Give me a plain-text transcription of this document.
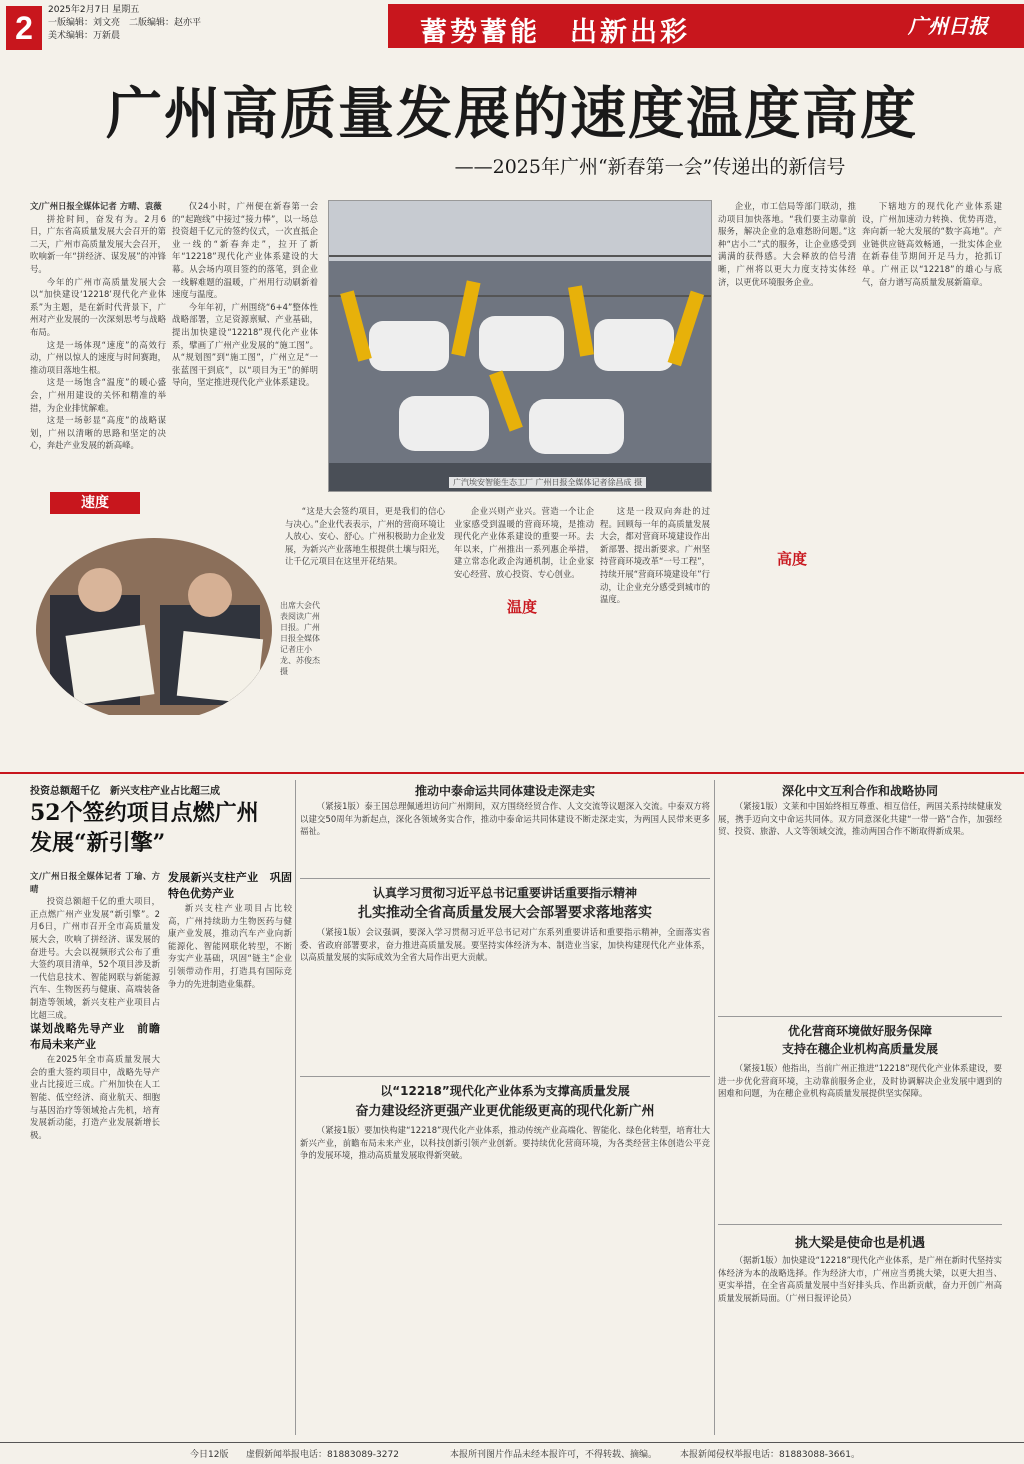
2	2025年2月7日 星期五
一版编辑：刘文亮　二版编辑：赵亦平
美术编辑：万新晨	蓄势蓄能　出新出彩	广州日报
广州高质量发展的速度温度高度
——2025年广州“新春第一会”传递出的新信号

文/广州日报全媒体记者 方晴、袁薇

拼抢时间，奋发有为。2月6日，广东省高质量发展大会召开的第二天，广州市高质量发展大会召开，吹响新一年“拼经济、谋发展”的冲锋号。

今年的广州市高质量发展大会以“加快建设‘12218’现代化产业体系”为主题，是在新时代背景下，广州对产业发展的一次深刻思考与战略布局。

这是一场体现“速度”的高效行动，广州以惊人的速度与时间赛跑，推动项目落地生根。

这是一场饱含“温度”的暖心盛会，广州用建设的关怀和精准的举措，为企业排忧解难。

这是一场彰显“高度”的战略谋划，广州以清晰的思路和坚定的决心，奔赴产业发展的新高峰。

速度

仅24小时，广州便在新春第一会的“起跑线”中接过“接力棒”，以一场总投资超千亿元的签约仪式，一次直抵企业一线的“新春奔走”，拉开了新年“12218”现代化产业体系建设的大幕。从会场内项目签约的落笔，到企业一线解难题的温暖，广州用行动刷新着速度与温度。

今年年初，广州围绕“6+4”整体性战略部署，立足资源禀赋、产业基础，提出加快建设“12218”现代化产业体系，擘画了广州产业发展的“施工图”。从“规划图”到“施工图”，广州立足“一张蓝图干到底”，以“项目为王”的鲜明导向，坚定推进现代化产业体系建设。

广汽埃安智能生态工厂 广州日报全媒体记者徐昌成 摄

企业，市工信局等部门联动，推动项目加快落地。“我们要主动靠前服务，解决企业的急难愁盼问题。”这种“店小二”式的服务，让企业感受到满满的获得感。大会释放的信号清晰，广州将以更大力度支持实体经济，以更优环境服务企业。

下辖地方的现代化产业体系建设，广州加速动力转换、优势再造，奔向新一轮大发展的“数字高地”。产业链供应链高效畅通，一批实体企业在新春佳节期间开足马力，抢抓订单。广州正以“12218”的雄心与底气，奋力谱写高质量发展新篇章。

出席大会代表阅读广州日报。广州日报全媒体记者庄小龙、苏俊杰 摄

“这是大会签约项目，更是我们的信心与决心。”企业代表表示，广州的营商环境让人放心、安心、舒心。广州积极助力企业发展，为新兴产业落地生根提供土壤与阳光，让千亿元项目在这里开花结果。

企业兴则产业兴。营造一个让企业家感受到温暖的营商环境，是推动现代化产业体系建设的重要一环。去年以来，广州推出一系列惠企举措，建立常态化政企沟通机制，让企业家安心经营、放心投资、专心创业。

温度

这是一段双向奔赴的过程。回顾每一年的高质量发展大会，都对营商环境建设作出新部署、提出新要求。广州坚持营商环境改革“一号工程”，持续开展“营商环境建设年”行动，让企业充分感受到城市的温度。

高度
投资总额超千亿　新兴支柱产业占比超三成
52个签约项目点燃广州发展“新引擎”

文/广州日报全媒体记者 丁瑜、方晴

投资总额超千亿的重大项目，正点燃广州产业发展“新引擎”。2月6日，广州市召开全市高质量发展大会，吹响了拼经济、谋发展的奋进号。大会以视频形式公布了重大签约项目清单，52个项目涉及新一代信息技术、智能网联与新能源汽车、生物医药与健康、高端装备制造等领域，新兴支柱产业项目占比超三成。

谋划战略先导产业　前瞻布局未来产业

在2025年全市高质量发展大会的重大签约项目中，战略先导产业占比接近三成。广州加快在人工智能、低空经济、商业航天、细胞与基因治疗等领域抢占先机，培育发展新动能，打造产业发展新增长极。

发展新兴支柱产业　巩固特色优势产业

新兴支柱产业项目占比较高，广州持续助力生物医药与健康产业发展，推动汽车产业向新能源化、智能网联化转型，不断夯实产业基础，巩固“链主”企业引领带动作用，打造具有国际竞争力的先进制造业集群。

推动中泰命运共同体建设走深走实

（紧接1版）泰王国总理佩通坦访问广州期间，双方围绕经贸合作、人文交流等议题深入交流。中泰双方将以建交50周年为新起点，深化各领域务实合作，推动中泰命运共同体建设不断走深走实，为两国人民带来更多福祉。

认真学习贯彻习近平总书记重要讲话重要指示精神
扎实推动全省高质量发展大会部署要求落地落实

（紧接1版）会议强调，要深入学习贯彻习近平总书记对广东系列重要讲话和重要指示精神，全面落实省委、省政府部署要求，奋力推进高质量发展。要坚持实体经济为本、制造业当家，加快构建现代化产业体系，以高质量发展的实际成效为全省大局作出更大贡献。

以“12218”现代化产业体系为支撑高质量发展
奋力建设经济更强产业更优能级更高的现代化新广州

（紧接1版）要加快构建“12218”现代化产业体系，推动传统产业高端化、智能化、绿色化转型，培育壮大新兴产业，前瞻布局未来产业，以科技创新引领产业创新。要持续优化营商环境，为各类经营主体创造公平竞争的发展环境，推动高质量发展取得新突破。

深化中文互利合作和战略协同

（紧接1版）文莱和中国始终相互尊重、相互信任，两国关系持续健康发展，携手迈向文中命运共同体。双方同意深化共建“一带一路”合作，加强经贸、投资、旅游、人文等领域交流，推动两国合作不断取得新成果。

优化营商环境做好服务保障
支持在穗企业机构高质量发展

（紧接1版）他指出，当前广州正推进“12218”现代化产业体系建设，要进一步优化营商环境，主动靠前服务企业，及时协调解决企业发展中遇到的困难和问题，为在穗企业机构高质量发展提供坚实保障。

挑大梁是使命也是机遇

（据新1版）加快建设“12218”现代化产业体系，是广州在新时代坚持实体经济为本的战略选择。作为经济大市，广州应当勇挑大梁，以更大担当、更实举措，在全省高质量发展中当好排头兵、作出新贡献，奋力开创广州高质量发展新局面。（广州日报评论员）

今日12版 虚假新闻举报电话：81883089-3272	本报所刊图片作品未经本报许可，不得转载、摘编。	本报新闻侵权举报电话：81883088-3661。
